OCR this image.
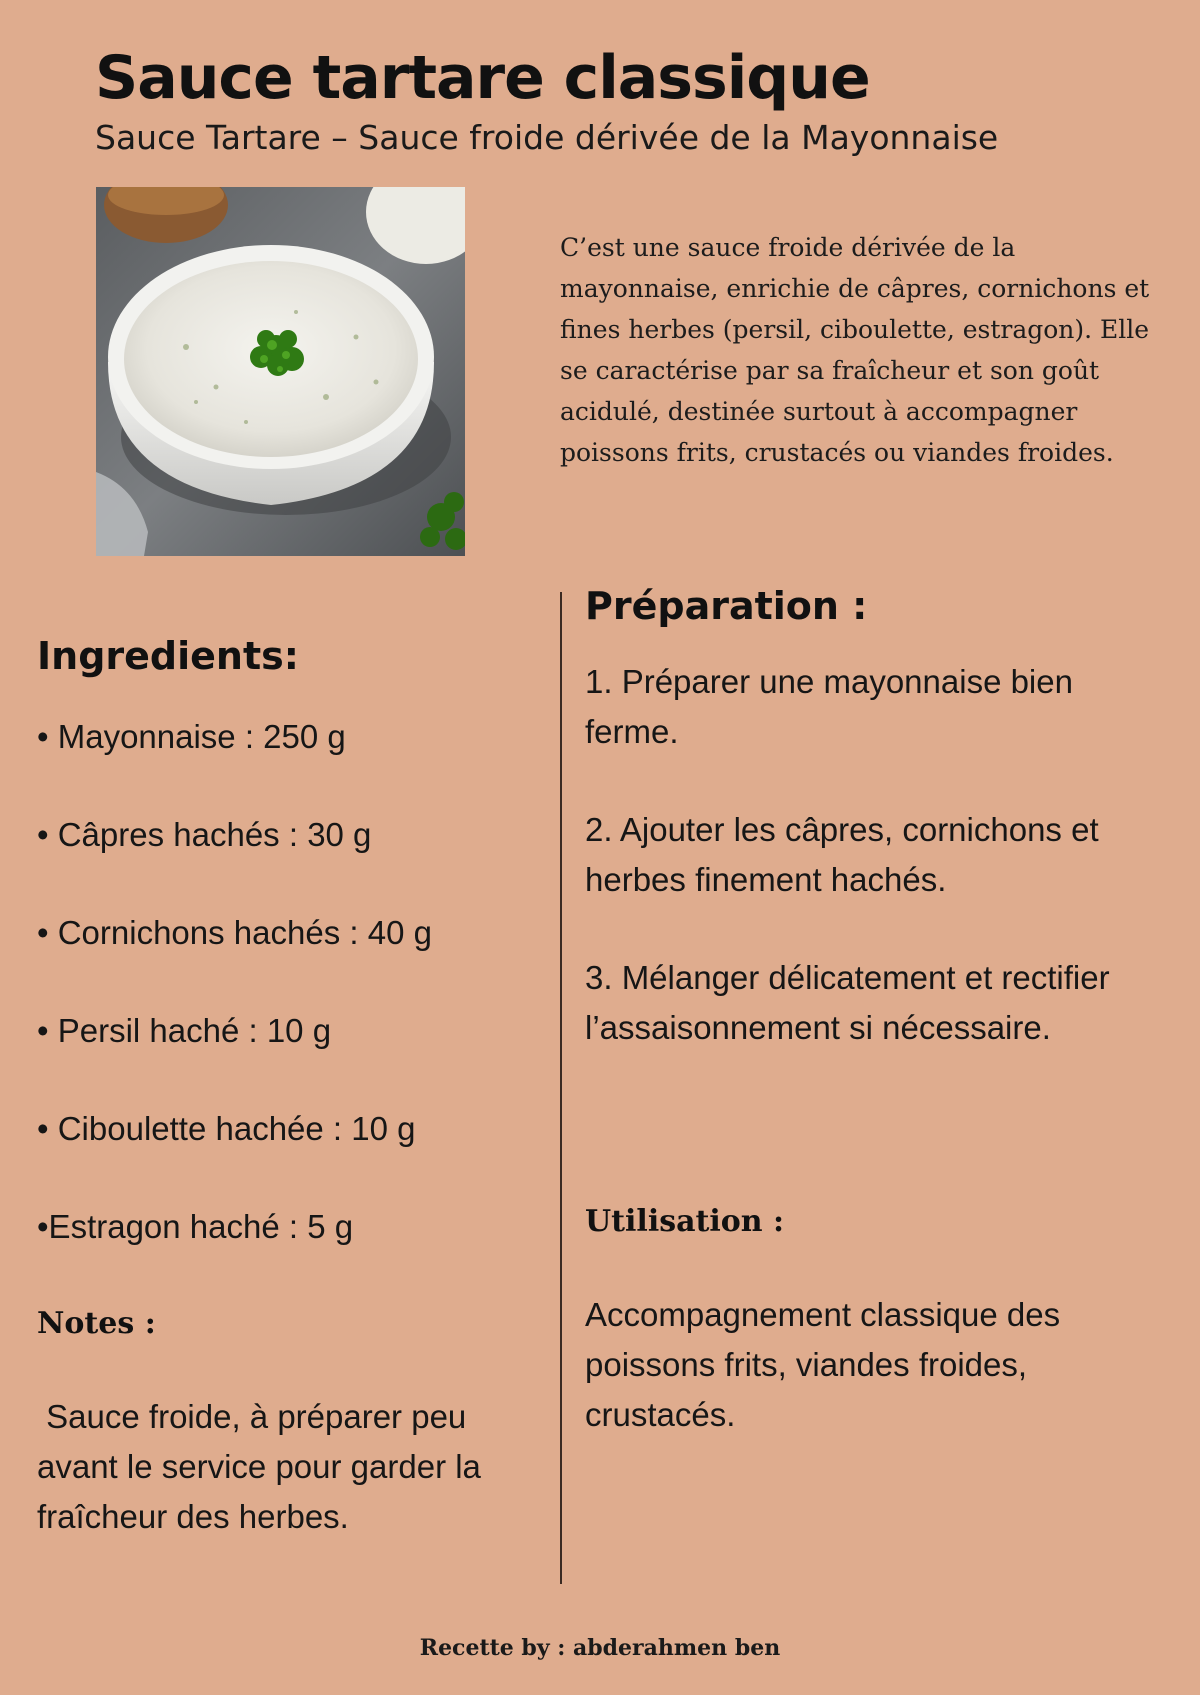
Sauce tartare classique

Sauce Tartare – Sauce froide dérivée de la Mayonnaise

C’est une sauce froide dérivée de la mayonnaise, enrichie de câpres, cornichons et fines herbes (persil, ciboulette, estragon). Elle se caractérise par sa fraîcheur et son goût acidulé, destinée surtout à accompagner poissons frits, crustacés ou viandes froides.

Ingredients:
• Mayonnaise : 250 g
• Câpres hachés : 30 g
• Cornichons hachés : 40 g
• Persil haché : 10 g
• Ciboulette hachée : 10 g
•Estragon haché : 5 g
Notes :

Sauce froide, à préparer peu avant le service pour garder la fraîcheur des herbes.

Préparation :
1. Préparer une mayonnaise bien ferme.
2. Ajouter les câpres, cornichons et herbes finement hachés.
3. Mélanger délicatement et rectifier l’assaisonnement si nécessaire.
Utilisation :

Accompagnement classique des poissons frits, viandes froides, crustacés.

Recette by : abderahmen ben
